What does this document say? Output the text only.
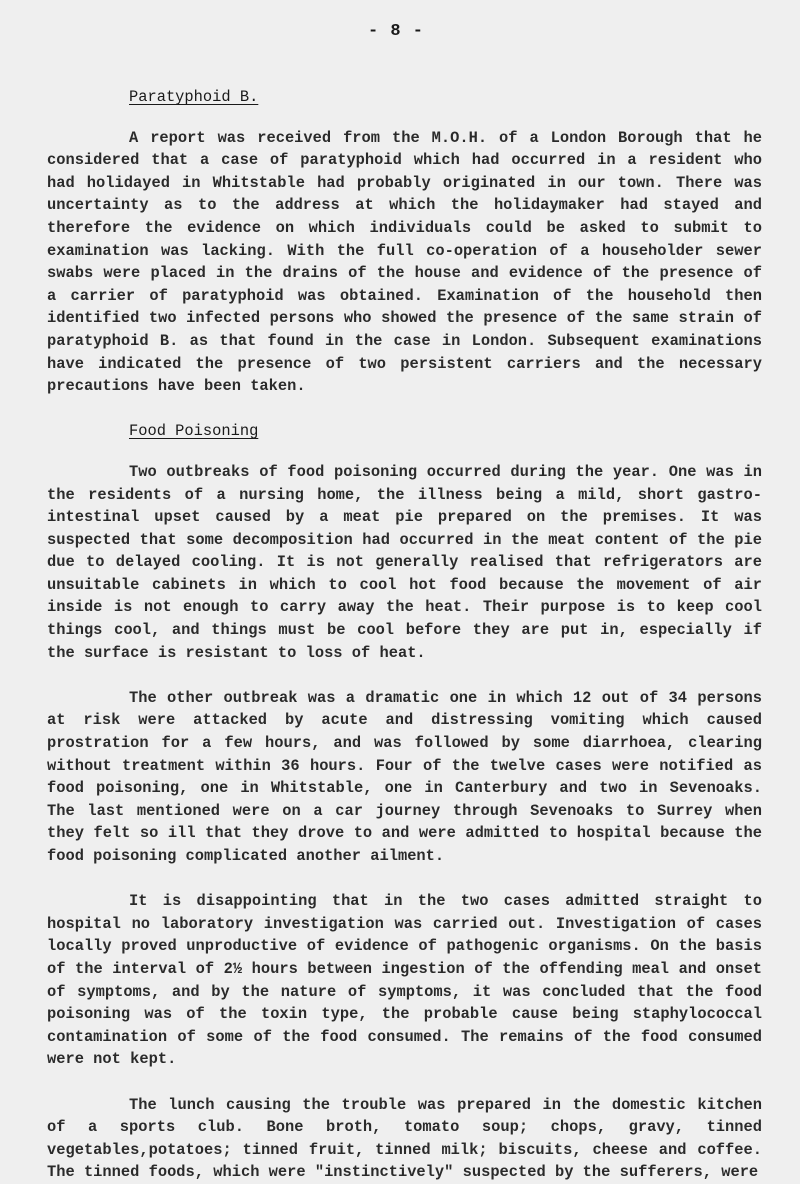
- 8 -
Paratyphoid B.

A report was received from the M.O.H. of a London Borough that he considered that a case of paratyphoid which had occurred in a resident who had holidayed in Whitstable had probably originated in our town. There was uncertainty as to the address at which the holidaymaker had stayed and therefore the evidence on which individuals could be asked to submit to examination was lacking. With the full co-operation of a householder sewer swabs were placed in the drains of the house and evidence of the presence of a carrier of paratyphoid was obtained. Examination of the household then identified two infected persons who showed the presence of the same strain of paratyphoid B. as that found in the case in London. Subsequent examinations have indicated the presence of two persistent carriers and the necessary precautions have been taken.

Food Poisoning

Two outbreaks of food poisoning occurred during the year. One was in the residents of a nursing home, the illness being a mild, short gastro-intestinal upset caused by a meat pie prepared on the premises. It was suspected that some decomposition had occurred in the meat content of the pie due to delayed cooling. It is not generally realised that refrigerators are unsuitable cabinets in which to cool hot food because the movement of air inside is not enough to carry away the heat. Their purpose is to keep cool things cool, and things must be cool before they are put in, especially if the surface is resistant to loss of heat.

The other outbreak was a dramatic one in which 12 out of 34 persons at risk were attacked by acute and distressing vomiting which caused prostration for a few hours, and was followed by some diarrhoea, clearing without treatment within 36 hours. Four of the twelve cases were notified as food poisoning, one in Whitstable, one in Canterbury and two in Sevenoaks. The last mentioned were on a car journey through Sevenoaks to Surrey when they felt so ill that they drove to and were admitted to hospital because the food poisoning complicated another ailment.

It is disappointing that in the two cases admitted straight to hospital no laboratory investigation was carried out. Investigation of cases locally proved unproductive of evidence of pathogenic organisms. On the basis of the interval of 2½ hours between ingestion of the offending meal and onset of symptoms, and by the nature of symptoms, it was concluded that the food poisoning was of the toxin type, the probable cause being staphylococcal contamination of some of the food consumed. The remains of the food consumed were not kept.

The lunch causing the trouble was prepared in the domestic kitchen of a sports club. Bone broth, tomato soup; chops, gravy, tinned vegetables,potatoes; tinned fruit, tinned milk; biscuits, cheese and coffee. The tinned foods, which were "instinctively" suspected by the sufferers, were
